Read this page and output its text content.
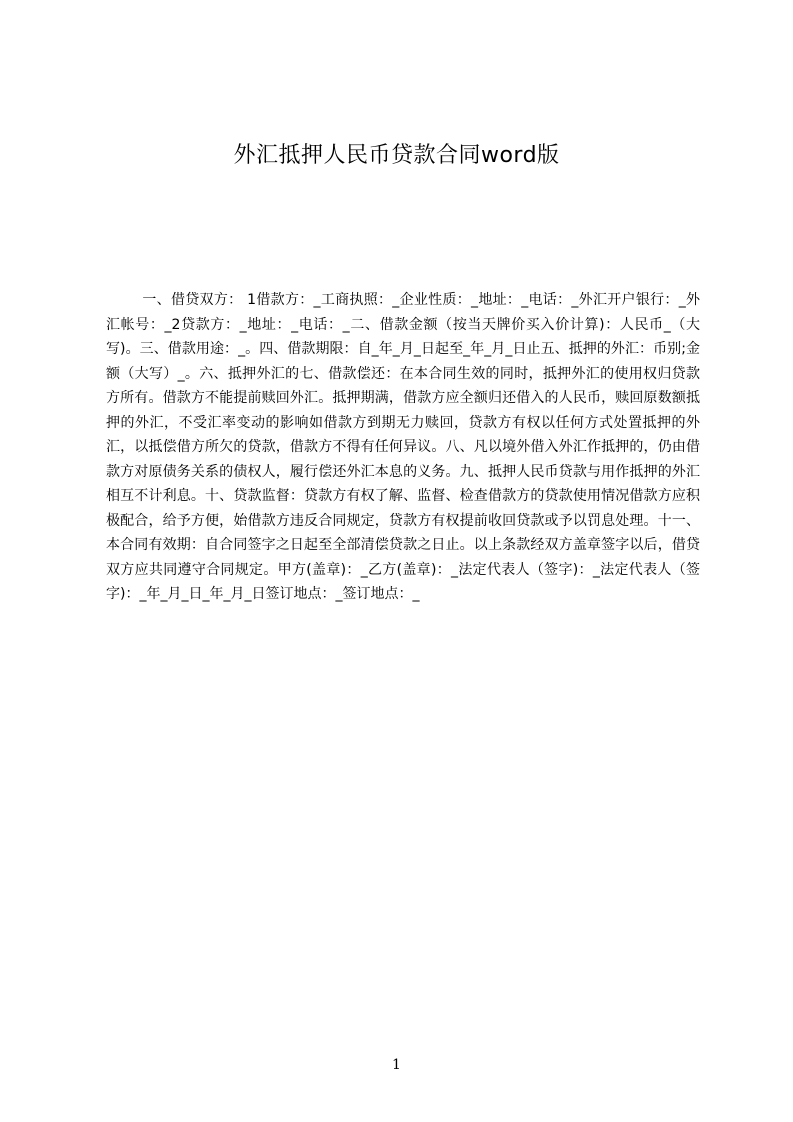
外汇抵押人民币贷款合同word版

一、借贷双方： 1借款方：_工商执照：_企业性质：_地址：_电话：_外汇开户银行：_外汇帐号：_2贷款方：_地址：_电话：_二、借款金额（按当天牌价买入价计算)：人民币_（大写)。三、借款用途：_。四、借款期限：自_年_月_日起至_年_月_日止五、抵押的外汇：币别;金额（大写）_。六、抵押外汇的七、借款偿还：在本合同生效的同时，抵押外汇的使用权归贷款方所有。借款方不能提前赎回外汇。抵押期满，借款方应全额归还借入的人民币，赎回原数额抵押的外汇，不受汇率变动的影响如借款方到期无力赎回，贷款方有权以任何方式处置抵押的外汇，以抵偿借方所欠的贷款，借款方不得有任何异议。八、凡以境外借入外汇作抵押的，仍由借款方对原债务关系的债权人，履行偿还外汇本息的义务。九、抵押人民币贷款与用作抵押的外汇相互不计利息。十、贷款监督：贷款方有权了解、监督、检查借款方的贷款使用情况借款方应积极配合，给予方便，始借款方违反合同规定，贷款方有权提前收回贷款或予以罚息处理。十一、本合同有效期：自合同签字之日起至全部清偿贷款之日止。以上条款经双方盖章签字以后，借贷双方应共同遵守合同规定。甲方(盖章)：_乙方(盖章)：_法定代表人（签字)：_法定代表人（签字)：_年_月_日_年_月_日签订地点：_签订地点：_

1
